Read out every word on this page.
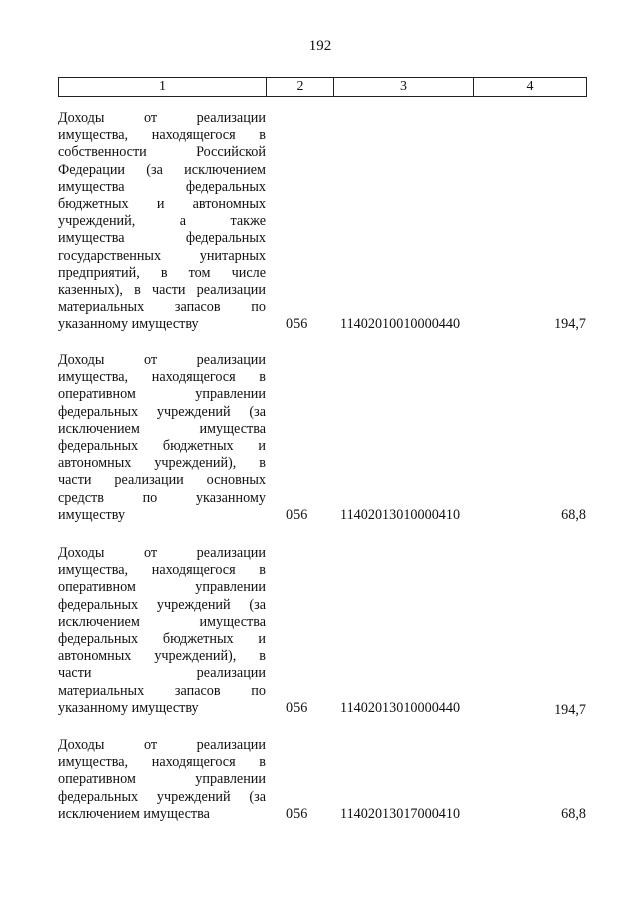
192
1	2	3	4
Доходы от реализации
имущества, находящегося в
собственности Российской
Федерации (за исключением
имущества федеральных
бюджетных и автономных
учреждений, а также
имущества федеральных
государственных унитарных
предприятий, в том числе
казенных), в части реализации
материальных запасов по
указанному имуществу	056	11402010010000440	194,7
Доходы от реализации
имущества, находящегося в
оперативном управлении
федеральных учреждений (за
исключением имущества
федеральных бюджетных и
автономных учреждений), в
части реализации основных
средств по указанному
имуществу	056	11402013010000410	68,8
Доходы от реализации
имущества, находящегося в
оперативном управлении
федеральных учреждений (за
исключением имущества
федеральных бюджетных и
автономных учреждений), в
части реализации
материальных запасов по
указанному имуществу	056	11402013010000440	194,7
Доходы от реализации
имущества, находящегося в
оперативном управлении
федеральных учреждений (за
исключением имущества	056	11402013017000410	68,8
